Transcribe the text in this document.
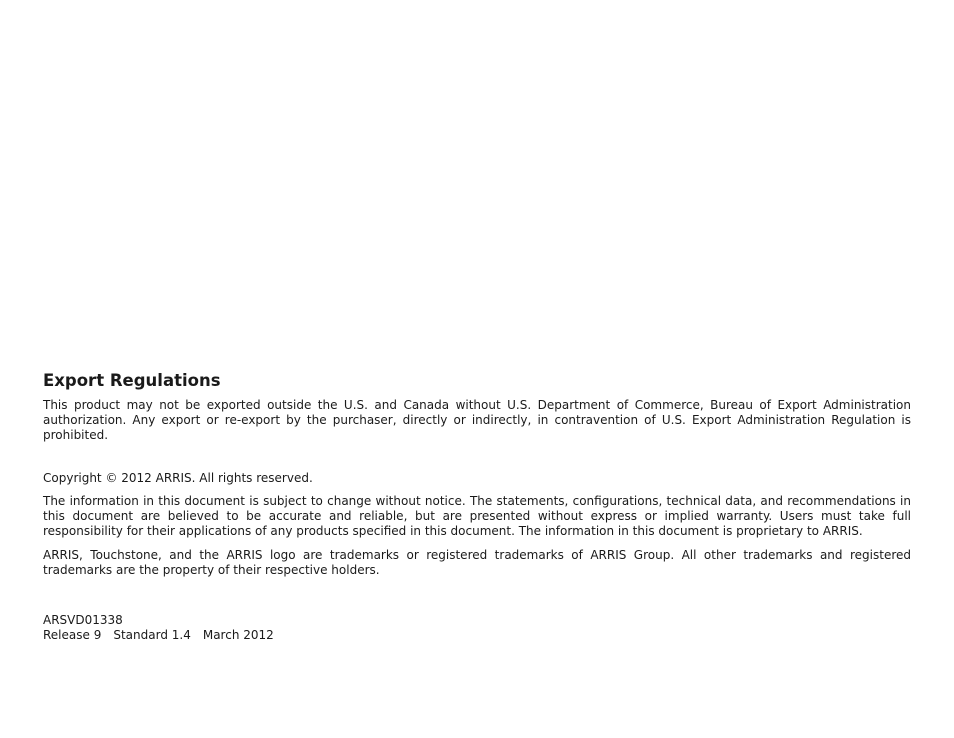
Export Regulations

This product may not be exported outside the U.S. and Canada without U.S. Department of Commerce, Bureau of Export Administration authorization. Any export or re-export by the purchaser, directly or indirectly, in contravention of U.S. Export Administration Regulation is prohibited.

Copyright © 2012 ARRIS. All rights reserved.

The information in this document is subject to change without notice. The statements, configurations, technical data, and recommendations in this document are believed to be accurate and reliable, but are presented without express or implied warranty. Users must take full responsibility for their applications of any products specified in this document. The information in this document is proprietary to ARRIS.

ARRIS, Touchstone, and the ARRIS logo are trademarks or registered trademarks of ARRIS Group. All other trademarks and registered trademarks are the property of their respective holders.

ARSVD01338
Release 9 Standard 1.4 March 2012
